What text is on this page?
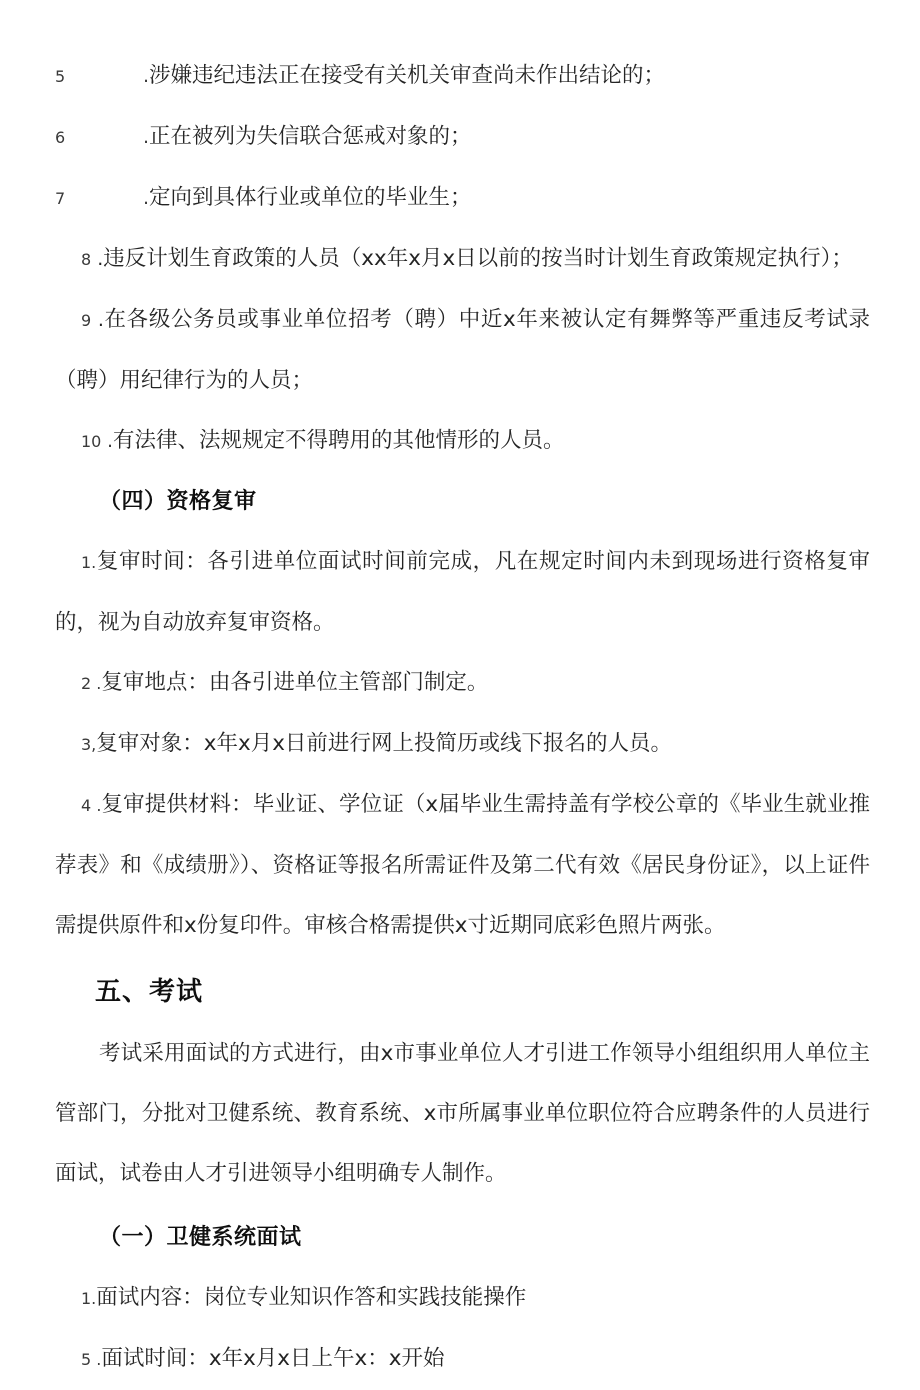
5	. 涉嫌违纪违法正在接受有关机关审查尚未作出结论的；
6	. 正在被列为失信联合惩戒对象的；
7	. 定向到具体行业或单位的毕业生；
8 .违反计划生育政策的人员（xx年x月x日以前的按当时计划生育政策规定执行）；
9 .在各级公务员或事业单位招考（聘）中近x年来被认定有舞弊等严重违反考试录（聘）用纪律行为的人员；
10 . 有法律、法规规定不得聘用的其他情形的人员。
（四）资格复审
1.复审时间：各引进单位面试时间前完成，凡在规定时间内未到现场进行资格复审的，视为自动放弃复审资格。
2 .复审地点：由各引进单位主管部门制定。
3,复审对象：x年x月x日前进行网上投简历或线下报名的人员。
4 .复审提供材料：毕业证、学位证（x届毕业生需持盖有学校公章的《毕业生就业推荐表》和《成绩册》）、资格证等报名所需证件及第二代有效《居民身份证》，以上证件需提供原件和x份复印件。审核合格需提供x寸近期同底彩色照片两张。
五、考试
考试采用面试的方式进行，由x市事业单位人才引进工作领导小组组织用人单位主管部门，分批对卫健系统、教育系统、x市所属事业单位职位符合应聘条件的人员进行面试，试卷由人才引进领导小组明确专人制作。
（一）卫健系统面试
1.面试内容：岗位专业知识作答和实践技能操作
5 .面试时间：x年x月x日上午x：x开始
